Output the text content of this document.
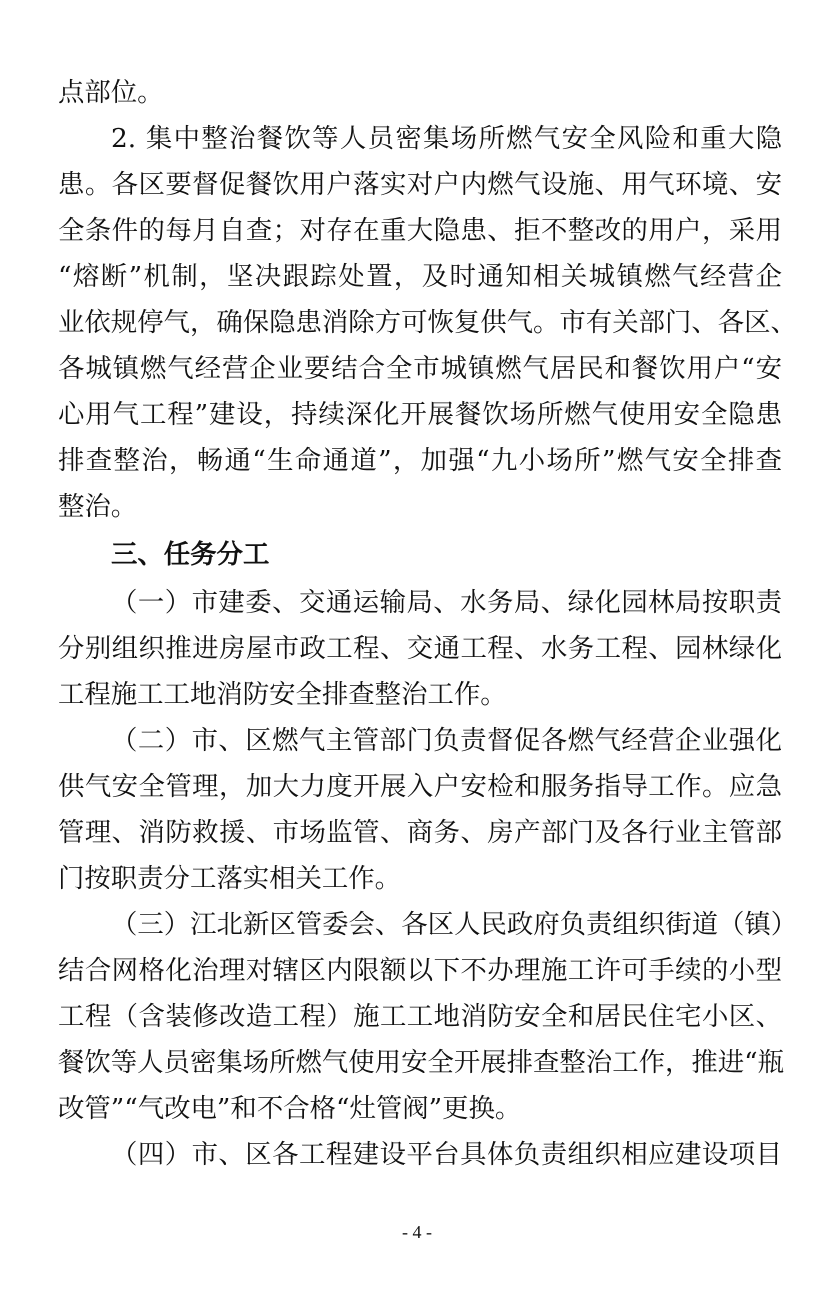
点部位。
2. 集中整治餐饮等人员密集场所燃气安全风险和重大隐
患。各区要督促餐饮用户落实对户内燃气设施、用气环境、安
全条件的每月自查；对存在重大隐患、拒不整改的用户，采用
“熔断”机制，坚决跟踪处置，及时通知相关城镇燃气经营企
业依规停气，确保隐患消除方可恢复供气。市有关部门、各区、
各城镇燃气经营企业要结合全市城镇燃气居民和餐饮用户“安
心用气工程”建设，持续深化开展餐饮场所燃气使用安全隐患
排查整治，畅通“生命通道”，加强“九小场所”燃气安全排查
整治。
三、任务分工
（一）市建委、交通运输局、水务局、绿化园林局按职责
分别组织推进房屋市政工程、交通工程、水务工程、园林绿化
工程施工工地消防安全排查整治工作。
（二）市、区燃气主管部门负责督促各燃气经营企业强化
供气安全管理，加大力度开展入户安检和服务指导工作。应急
管理、消防救援、市场监管、商务、房产部门及各行业主管部
门按职责分工落实相关工作。
（三）江北新区管委会、各区人民政府负责组织街道（镇）
结合网格化治理对辖区内限额以下不办理施工许可手续的小型
工程（含装修改造工程）施工工地消防安全和居民住宅小区、
餐饮等人员密集场所燃气使用安全开展排查整治工作，推进“瓶
改管”“气改电”和不合格“灶管阀”更换。
（四）市、区各工程建设平台具体负责组织相应建设项目
- 4 -
